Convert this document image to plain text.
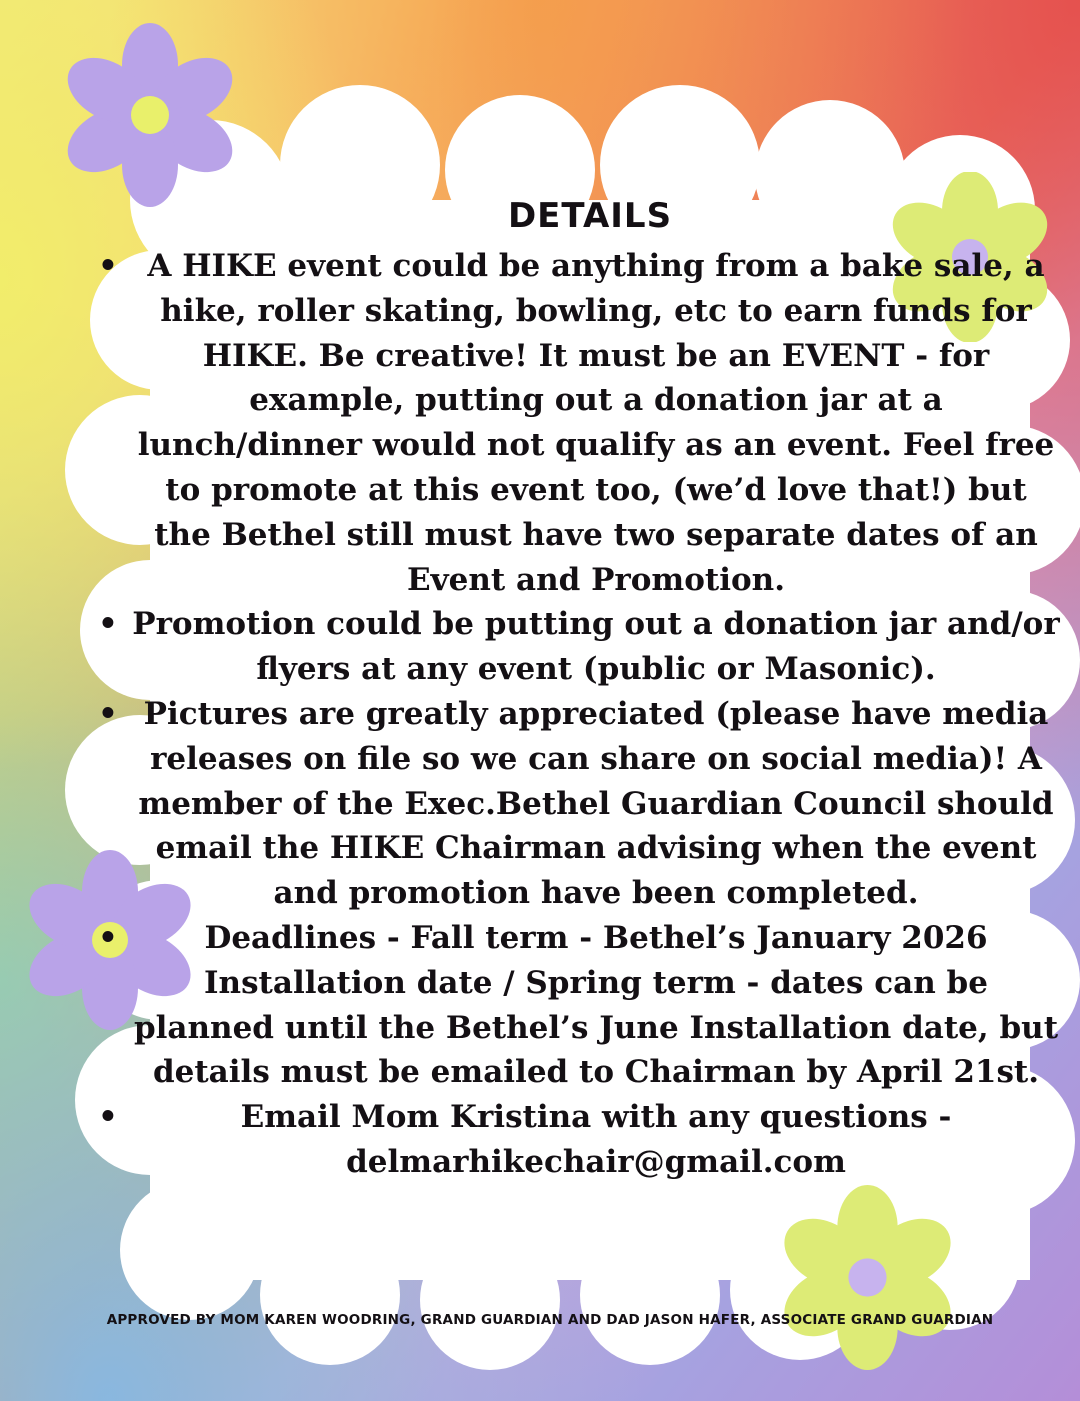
DETAILS
• A HIKE event could be anything from a bake sale, a hike, roller skating, bowling, etc to earn funds for HIKE. Be creative! It must be an EVENT - for example, putting out a donation jar at a lunch/dinner would not qualify as an event. Feel free to promote at this event too, (we’d love that!) but the Bethel still must have two separate dates of an Event and Promotion.
• Promotion could be putting out a donation jar and/or flyers at any event (public or Masonic).
• Pictures are greatly appreciated (please have media releases on file so we can share on social media)! A member of the Exec.Bethel Guardian Council should email the HIKE Chairman advising when the event and promotion have been completed.
•	Deadlines - Fall term - Bethel’s January 2026 Installation date / Spring term - dates can be planned until the Bethel’s June Installation date, but details must be emailed to Chairman by April 21st.
•	Email Mom Kristina with any questions - delmarhikechair@gmail.com
APPROVED BY MOM KAREN WOODRING, GRAND GUARDIAN AND DAD JASON HAFER, ASSOCIATE GRAND GUARDIAN
